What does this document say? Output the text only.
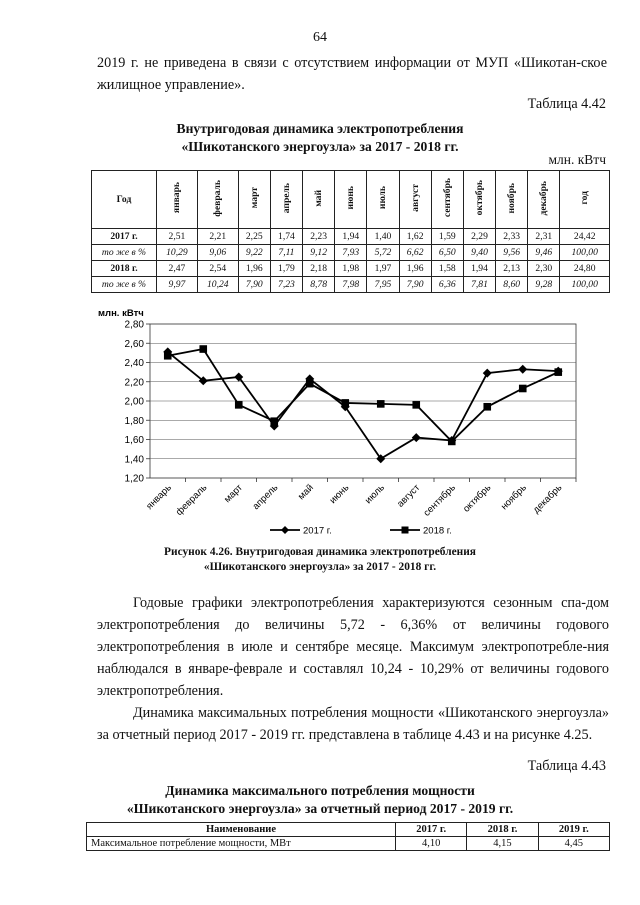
64
2019 г. не приведена в связи с отсутствием информации от МУП «Шикотан-ское жилищное управление».
Таблица 4.42
Внутригодовая динамика электропотребления
«Шикотанского энергоузла» за 2017 - 2018 гг.
млн. кВтч
Год	январь	февраль	март	апрель	май	июнь	июль	август	сентябрь	октябрь	ноябрь	декабрь	год
2017 г.	2,51	2,21	2,25	1,74	2,23	1,94	1,40	1,62	1,59	2,29	2,33	2,31	24,42
то же в %	10,29	9,06	9,22	7,11	9,12	7,93	5,72	6,62	6,50	9,40	9,56	9,46	100,00
2018 г.	2,47	2,54	1,96	1,79	2,18	1,98	1,97	1,96	1,58	1,94	2,13	2,30	24,80
то же в %	9,97	10,24	7,90	7,23	8,78	7,98	7,95	7,90	6,36	7,81	8,60	9,28	100,00
млн. кВтч
1,20
1,40
1,60
1,80
2,00
2,20
2,40
2,60
2,80
январь февраль март апрель май июнь июль август сентябрь октябрь ноябрь декабрь
2017 г.	2018 г.
Рисунок 4.26. Внутригодовая динамика электропотребления
«Шикотанского энергоузла» за 2017 - 2018 гг.
Годовые графики электропотребления характеризуются сезонным спа-дом электропотребления до величины 5,72 - 6,36% от величины годового электропотребления в июле и сентябре месяце. Максимум электропотребле-ния наблюдался в январе-феврале и составлял 10,24 - 10,29% от величины годового электропотребления.
Динамика максимальных потребления мощности «Шикотанского энергоузла» за отчетный период 2017 - 2019 гг. представлена в таблице 4.43 и на рисунке 4.25.
Таблица 4.43
Динамика максимального потребления мощности
«Шикотанского энергоузла» за отчетный период 2017 - 2019 гг.
Наименование	2017 г.	2018 г.	2019 г.
Максимальное потребление мощности, МВт	4,10	4,15	4,45
